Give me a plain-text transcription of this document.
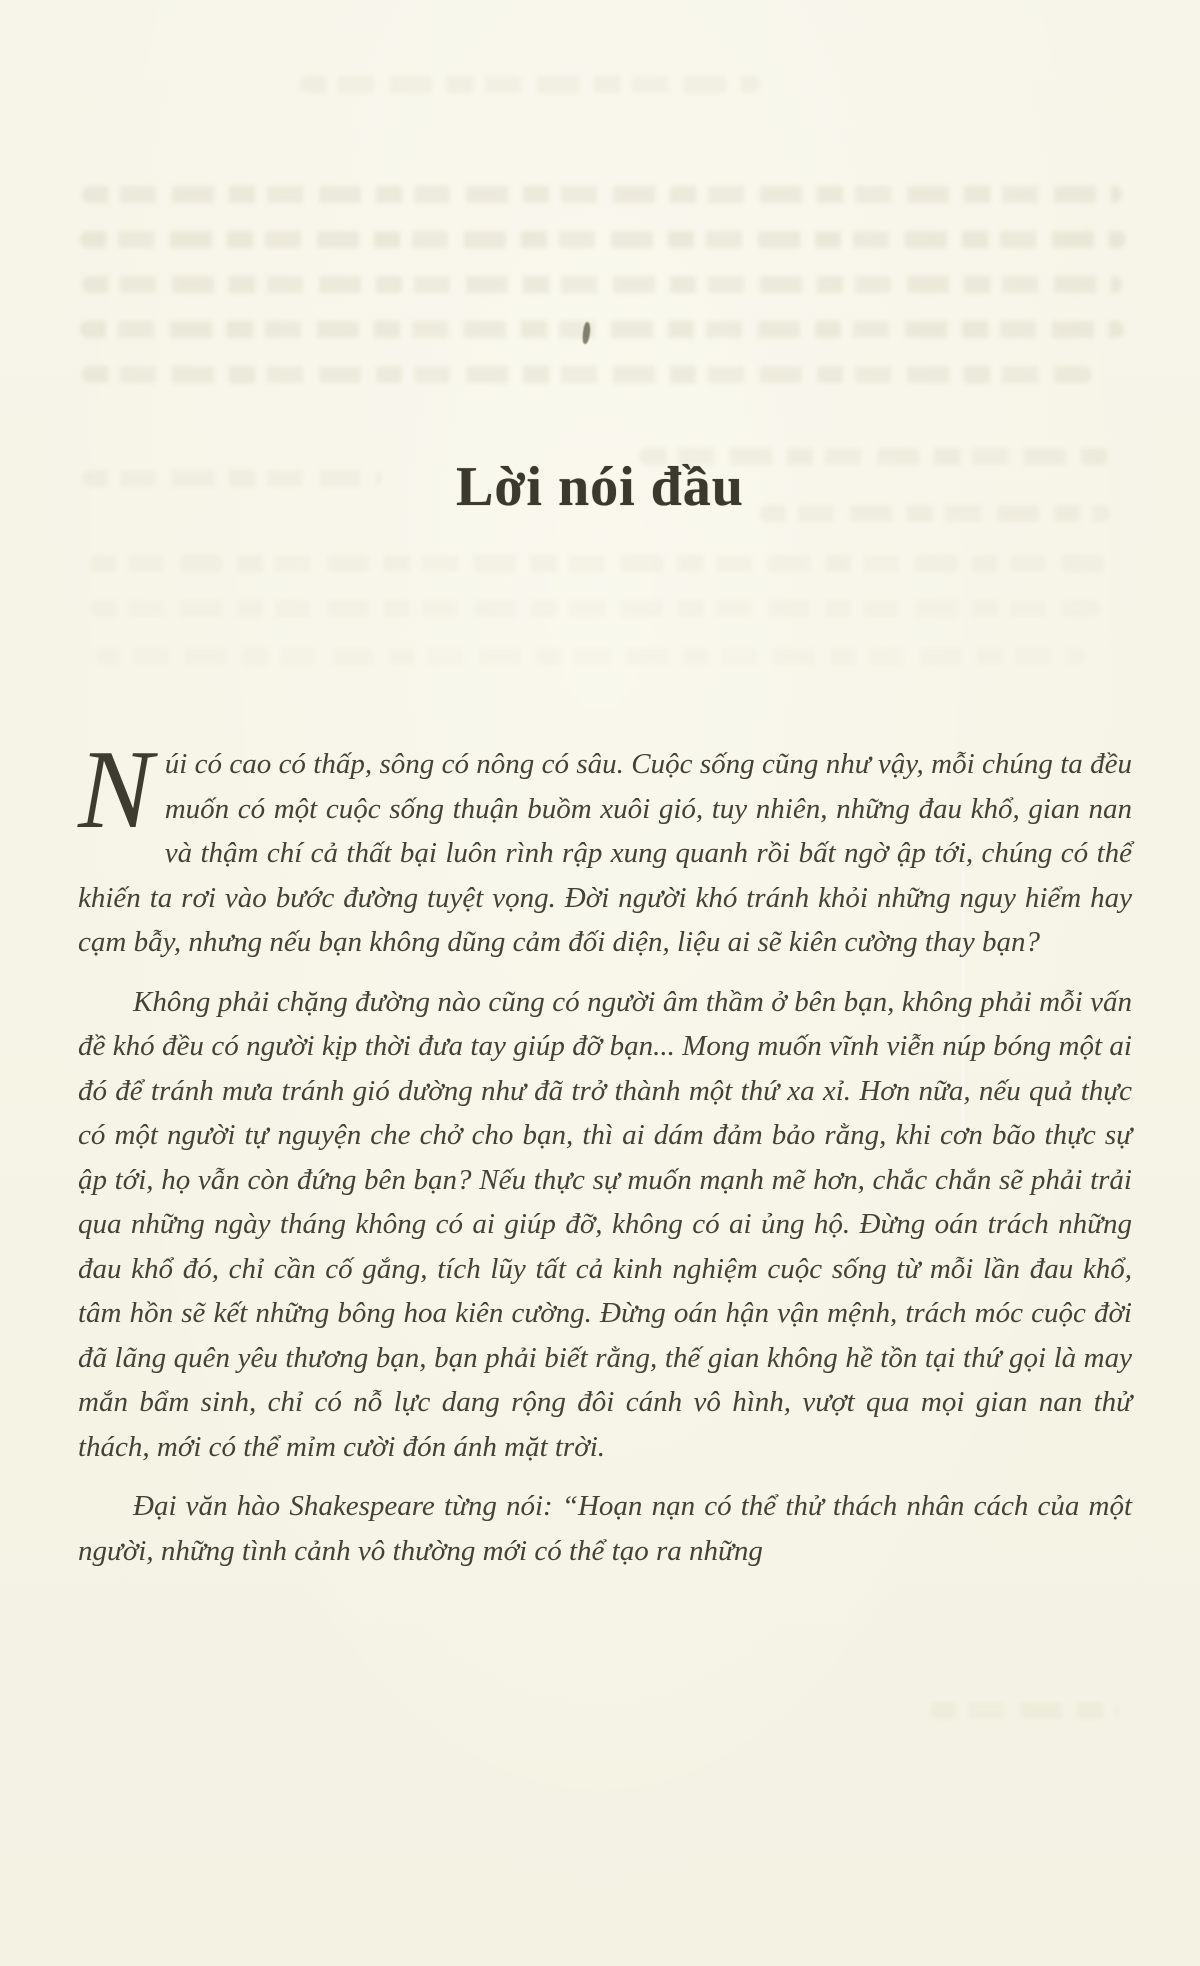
Lời nói đầu

Núi có cao có thấp, sông có nông có sâu. Cuộc sống cũng như vậy, mỗi chúng ta đều muốn có một cuộc sống thuận buồm xuôi gió, tuy nhiên, những đau khổ, gian nan và thậm chí cả thất bại luôn rình rập xung quanh rồi bất ngờ ập tới, chúng có thể khiến ta rơi vào bước đường tuyệt vọng. Đời người khó tránh khỏi những nguy hiểm hay cạm bẫy, nhưng nếu bạn không dũng cảm đối diện, liệu ai sẽ kiên cường thay bạn?

Không phải chặng đường nào cũng có người âm thầm ở bên bạn, không phải mỗi vấn đề khó đều có người kịp thời đưa tay giúp đỡ bạn... Mong muốn vĩnh viễn núp bóng một ai đó để tránh mưa tránh gió dường như đã trở thành một thứ xa xỉ. Hơn nữa, nếu quả thực có một người tự nguyện che chở cho bạn, thì ai dám đảm bảo rằng, khi cơn bão thực sự ập tới, họ vẫn còn đứng bên bạn? Nếu thực sự muốn mạnh mẽ hơn, chắc chắn sẽ phải trải qua những ngày tháng không có ai giúp đỡ, không có ai ủng hộ. Đừng oán trách những đau khổ đó, chỉ cần cố gắng, tích lũy tất cả kinh nghiệm cuộc sống từ mỗi lần đau khổ, tâm hồn sẽ kết những bông hoa kiên cường. Đừng oán hận vận mệnh, trách móc cuộc đời đã lãng quên yêu thương bạn, bạn phải biết rằng, thế gian không hề tồn tại thứ gọi là may mắn bẩm sinh, chỉ có nỗ lực dang rộng đôi cánh vô hình, vượt qua mọi gian nan thử thách, mới có thể mỉm cười đón ánh mặt trời.

Đại văn hào Shakespeare từng nói: “Hoạn nạn có thể thử thách nhân cách của một người, những tình cảnh vô thường mới có thể tạo ra những
